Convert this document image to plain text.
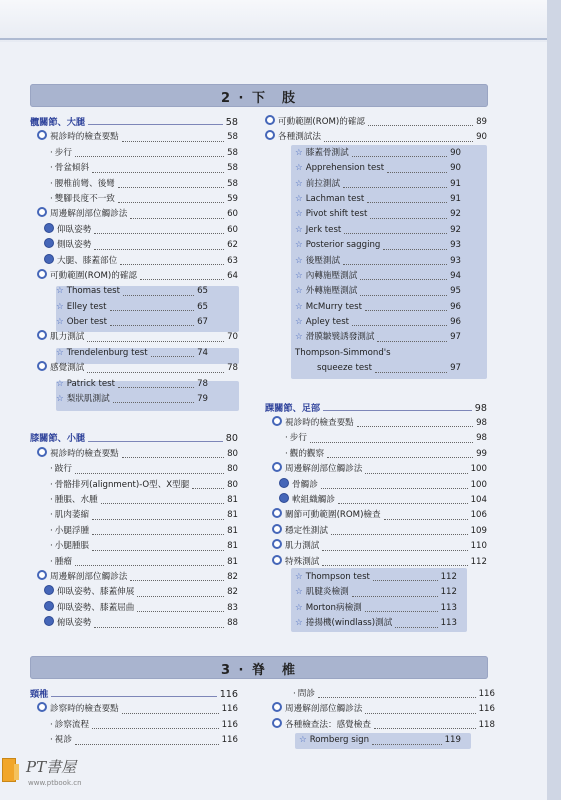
2 · 下　肢
髖關節、大腿	58
視診時的檢查要點	58
· 步行	58
· 骨盆傾斜	58
· 腰椎前彎、後彎	58
· 雙腳長度不一致	59
周邊解剖部位觸診法	60
仰臥姿勢	60
側臥姿勢	62
大腿、膝蓋部位	63
可動範圍(ROM)的確認	64
☆ Thomas test	65
☆ Elley test	65
☆ Ober test	67
肌力測試	70
☆ Trendelenburg test	74
感覺測試	78
☆ Patrick test	78
☆ 梨狀肌測試	79
膝關節、小腿	80
視診時的檢查要點	80
· 跛行	80
· 骨骼排列(alignment)-O型、X型腿	80
· 腫脹、水腫	81
· 肌肉萎縮	81
· 小腿浮腫	81
· 小腿腫脹	81
· 腫瘤	81
周邊解剖部位觸診法	82
仰臥姿勢、膝蓋伸展	82
仰臥姿勢、膝蓋屈曲	83
俯臥姿勢	88
可動範圍(ROM)的確認	89
各種測試法	90
☆ 膝蓋骨測試	90
☆ Apprehension test	90
☆ 前拉測試	91
☆ Lachman test	91
☆ Pivot shift test	92
☆ Jerk test	92
☆ Posterior sagging	93
☆ 後壓測試	93
☆ 內轉施壓測試	94
☆ 外轉施壓測試	95
☆ McMurry test	96
☆ Apley test	96
☆ 滑膜皺襞誘發測試	97
Thompson-Simmond's
squeeze test	97
踝關節、足部	98
視診時的檢查要點	98
· 步行	98
· 觀的觀察	99
周邊解剖部位觸診法	100
骨觸診	100
軟組織觸診	104
關節可動範圍(ROM)檢查	106
穩定性測試	109
肌力測試	110
特殊測試	112
☆ Thompson test	112
☆ 肌腱炎檢測	112
☆ Morton病檢測	113
☆ 捲揚機(windlass)測試	113
3 · 脊　椎
頸椎	116
診察時的檢查要點	116
· 診察流程	116
· 視診	116
· 問診	116
周邊解剖部位觸診法	116
各種檢查法：感覺檢查	118
☆ Romberg sign	119
PT書屋
www.ptbook.cn
